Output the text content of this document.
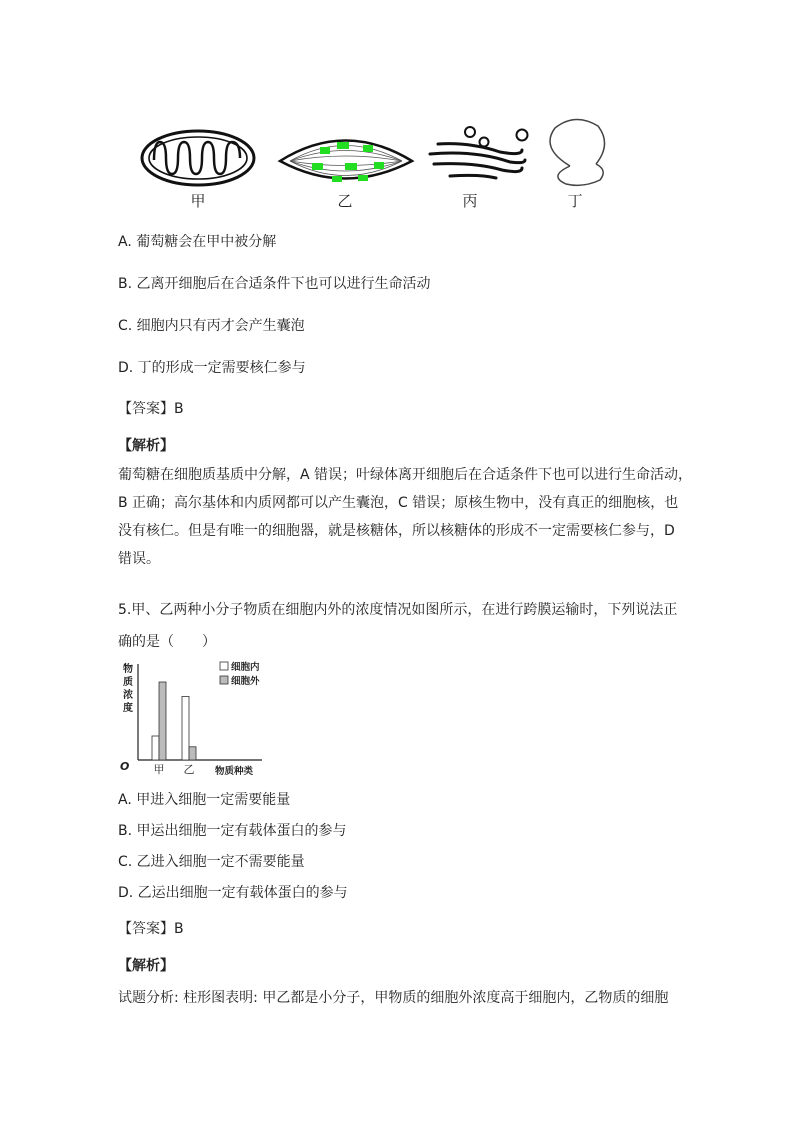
甲	乙	丙	丁
A. 葡萄糖会在甲中被分解
B. 乙离开细胞后在合适条件下也可以进行生命活动
C. 细胞内只有丙才会产生囊泡
D. 丁的形成一定需要核仁参与
【答案】B
【解析】
葡萄糖在细胞质基质中分解，A 错误；叶绿体离开细胞后在合适条件下也可以进行生命活动，
B 正确；高尔基体和内质网都可以产生囊泡，C 错误；原核生物中，没有真正的细胞核，也
没有核仁。但是有唯一的细胞器，就是核糖体，所以核糖体的形成不一定需要核仁参与，D
错误。
5.甲、乙两种小分子物质在细胞内外的浓度情况如图所示，在进行跨膜运输时，下列说法正
确的是（　　）
物
质
浓
度
O 甲 乙 物质种类
细胞内
细胞外
A. 甲进入细胞一定需要能量
B. 甲运出细胞一定有载体蛋白的参与
C. 乙进入细胞一定不需要能量
D. 乙运出细胞一定有载体蛋白的参与
【答案】B
【解析】
试题分析: 柱形图表明: 甲乙都是小分子，甲物质的细胞外浓度高于细胞内，乙物质的细胞
